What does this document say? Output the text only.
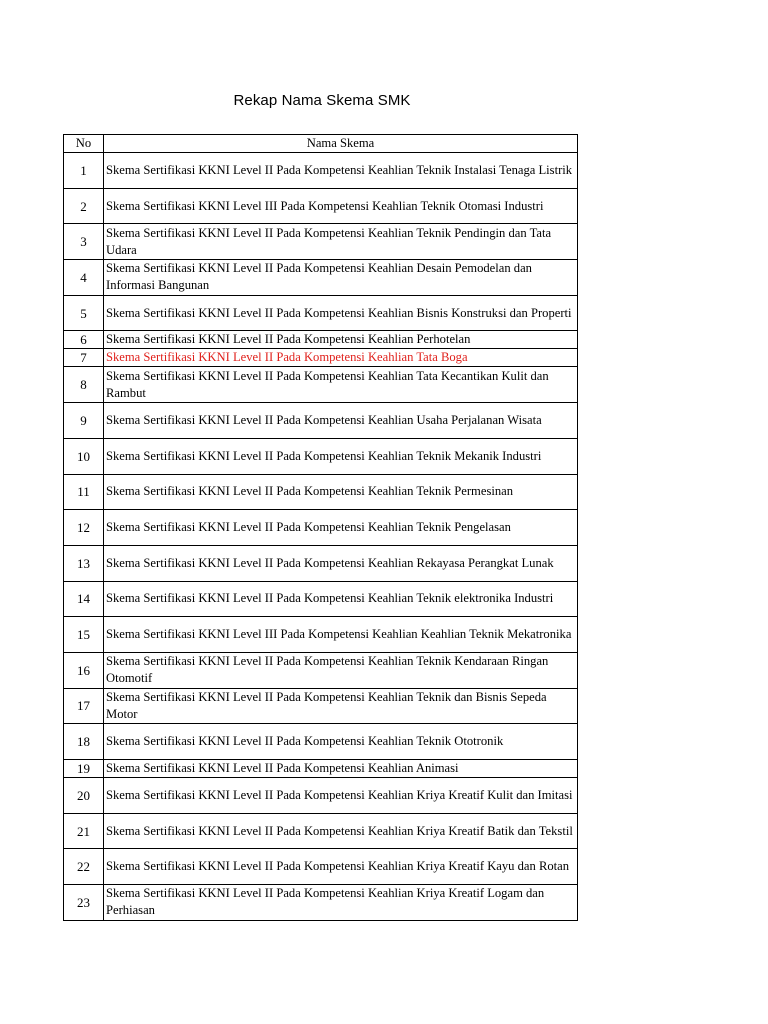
Rekap Nama Skema SMK
No	Nama Skema
1	Skema Sertifikasi KKNI Level II Pada Kompetensi Keahlian Teknik Instalasi Tenaga Listrik
2	Skema Sertifikasi KKNI Level III Pada Kompetensi Keahlian Teknik Otomasi Industri
3	Skema Sertifikasi KKNI Level II Pada Kompetensi Keahlian Teknik Pendingin dan Tata Udara
4	Skema Sertifikasi KKNI Level II Pada Kompetensi Keahlian Desain Pemodelan dan Informasi Bangunan
5	Skema Sertifikasi KKNI Level II Pada Kompetensi Keahlian Bisnis Konstruksi dan Properti
6	Skema Sertifikasi KKNI Level II Pada Kompetensi Keahlian Perhotelan
7	Skema Sertifikasi KKNI Level II Pada Kompetensi Keahlian Tata Boga
8	Skema Sertifikasi KKNI Level II Pada Kompetensi Keahlian Tata Kecantikan Kulit dan Rambut
9	Skema Sertifikasi KKNI Level II Pada Kompetensi Keahlian Usaha Perjalanan Wisata
10	Skema Sertifikasi KKNI Level II Pada Kompetensi Keahlian Teknik Mekanik Industri
11	Skema Sertifikasi KKNI Level II Pada Kompetensi Keahlian Teknik Permesinan
12	Skema Sertifikasi KKNI Level II Pada Kompetensi Keahlian Teknik Pengelasan
13	Skema Sertifikasi KKNI Level II Pada Kompetensi Keahlian Rekayasa Perangkat Lunak
14	Skema Sertifikasi KKNI Level II Pada Kompetensi Keahlian Teknik elektronika Industri
15	Skema Sertifikasi KKNI Level III Pada Kompetensi Keahlian Keahlian Teknik Mekatronika
16	Skema Sertifikasi KKNI Level II Pada Kompetensi Keahlian Teknik Kendaraan Ringan Otomotif
17	Skema Sertifikasi KKNI Level II Pada Kompetensi Keahlian Teknik dan Bisnis Sepeda Motor
18	Skema Sertifikasi KKNI Level II Pada Kompetensi Keahlian Teknik Ototronik
19	Skema Sertifikasi KKNI Level II Pada Kompetensi Keahlian Animasi
20	Skema Sertifikasi KKNI Level II Pada Kompetensi Keahlian Kriya Kreatif Kulit dan Imitasi
21	Skema Sertifikasi KKNI Level II Pada Kompetensi Keahlian Kriya Kreatif Batik dan Tekstil
22	Skema Sertifikasi KKNI Level II Pada Kompetensi Keahlian Kriya Kreatif Kayu dan Rotan
23	Skema Sertifikasi KKNI Level II Pada Kompetensi Keahlian Kriya Kreatif Logam dan Perhiasan
